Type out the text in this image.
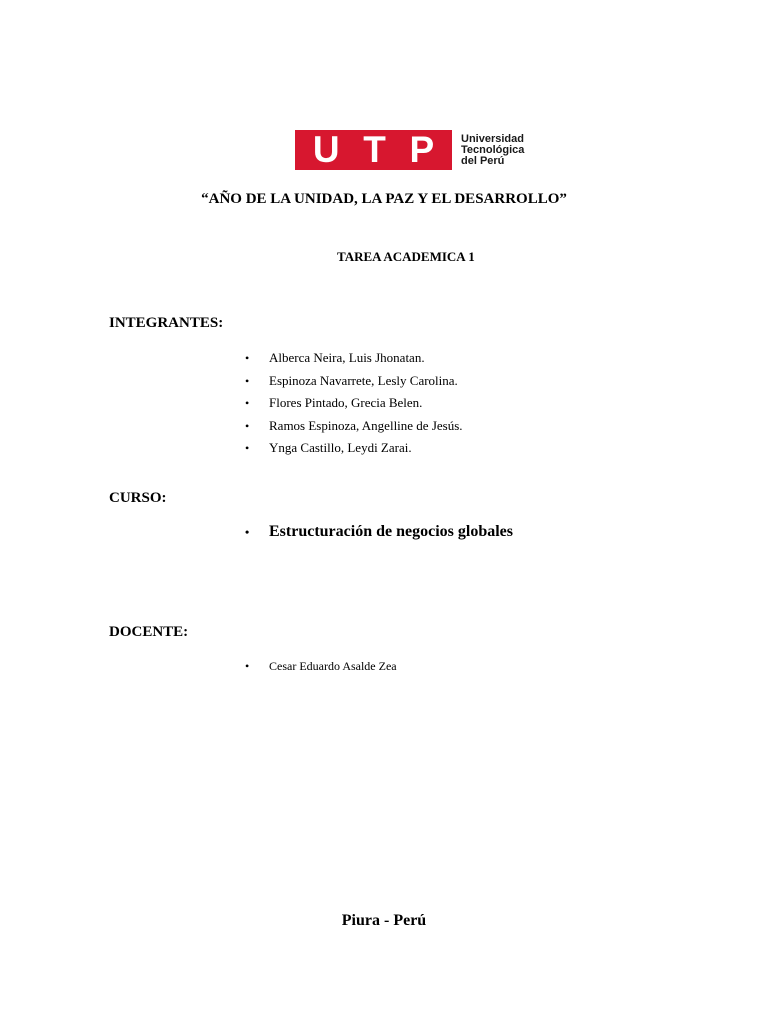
U T P Universidad
Tecnológica
del Perú
“AÑO DE LA UNIDAD, LA PAZ Y EL DESARROLLO”
TAREA ACADEMICA 1
INTEGRANTES:
•	Alberca Neira, Luis Jhonatan.
•	Espinoza Navarrete, Lesly Carolina.
•	Flores Pintado, Grecia Belen.
•	Ramos Espinoza, Angelline de Jesús.
•	Ynga Castillo, Leydi Zarai.
CURSO:
•	Estructuración de negocios globales
DOCENTE:
•	Cesar Eduardo Asalde Zea
Piura - Perú
